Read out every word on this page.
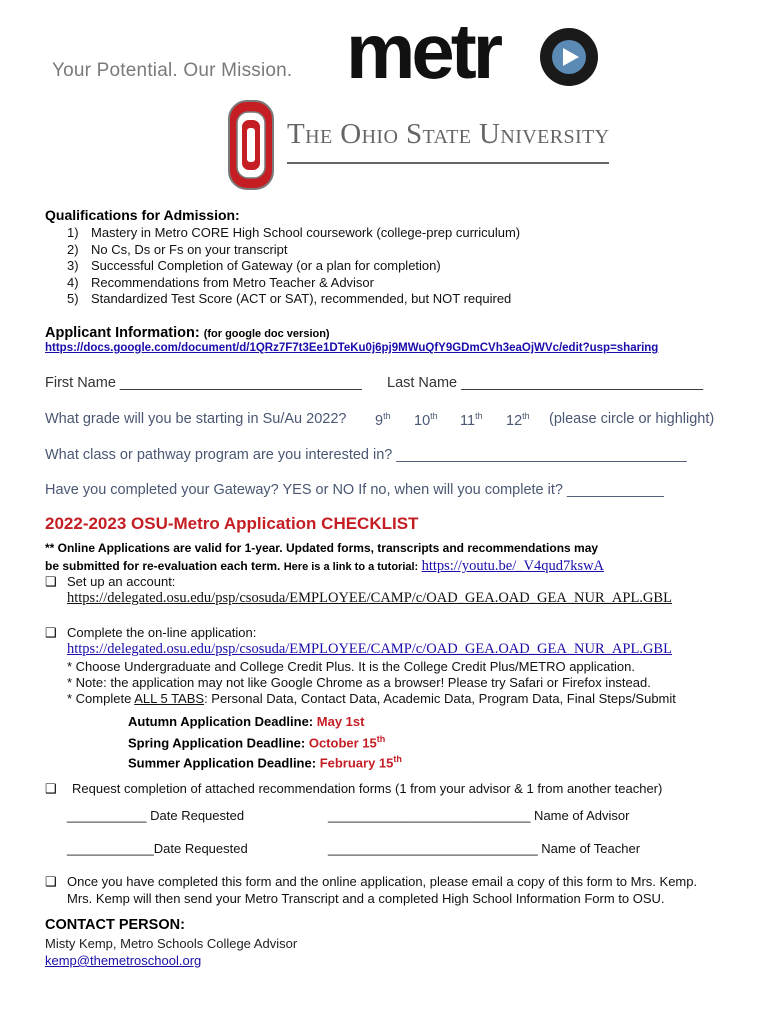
Your Potential. Our Mission. metr
The Ohio State University
Qualifications for Admission:
1) Mastery in Metro CORE High School coursework (college-prep curriculum)
2) No Cs, Ds or Fs on your transcript
3) Successful Completion of Gateway (or a plan for completion)
4) Recommendations from Metro Teacher & Advisor
5) Standardized Test Score (ACT or SAT), recommended, but NOT required
Applicant Information: (for google doc version)
https://docs.google.com/document/d/1QRz7F7t3Ee1DTeKu0j6pj9MWuQfY9GDmCVh3eaOjWVc/edit?usp=sharing
First Name ______________________________ Last Name ______________________________
What grade will you be starting in Su/Au 2022? 9th 10th 11th 12th (please circle or highlight)
What class or pathway program are you interested in? ____________________________________
Have you completed your Gateway? YES or NO If no, when will you complete it? ____________
2022-2023 OSU-Metro Application CHECKLIST
** Online Applications are valid for 1-year. Updated forms, transcripts and recommendations may
be submitted for re-evaluation each term. Here is a link to a tutorial: https://youtu.be/_V4qud7kswA
❑ Set up an account:
https://delegated.osu.edu/psp/csosuda/EMPLOYEE/CAMP/c/OAD_GEA.OAD_GEA_NUR_APL.GBL
❑ Complete the on-line application:
https://delegated.osu.edu/psp/csosuda/EMPLOYEE/CAMP/c/OAD_GEA.OAD_GEA_NUR_APL.GBL
* Choose Undergraduate and College Credit Plus. It is the College Credit Plus/METRO application.
* Note: the application may not like Google Chrome as a browser! Please try Safari or Firefox instead.
* Complete ALL 5 TABS: Personal Data, Contact Data, Academic Data, Program Data, Final Steps/Submit
Autumn Application Deadline: May 1st
Spring Application Deadline: October 15th
Summer Application Deadline: February 15th
❑ Request completion of attached recommendation forms (1 from your advisor & 1 from another teacher)
___________ Date Requested	____________________________ Name of Advisor
____________Date Requested	_____________________________ Name of Teacher
❑ Once you have completed this form and the online application, please email a copy of this form to Mrs. Kemp.
Mrs. Kemp will then send your Metro Transcript and a completed High School Information Form to OSU.
CONTACT PERSON:
Misty Kemp, Metro Schools College Advisor
kemp@themetroschool.org
